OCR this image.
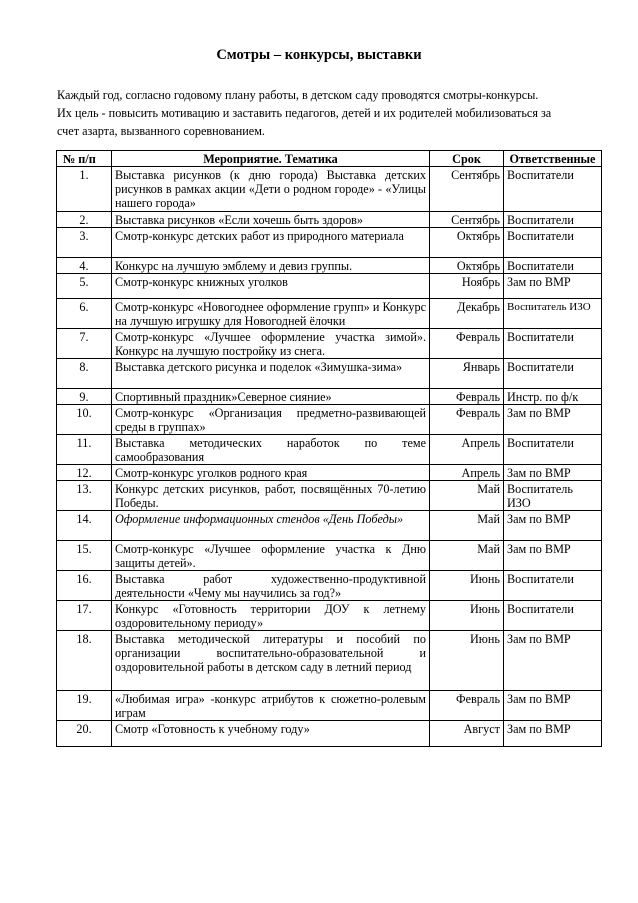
Смотры – конкурсы, выставки
Каждый год, согласно годовому плану работы, в детском саду проводятся смотры-конкурсы.
Их цель - повысить мотивацию и заставить педагогов, детей и их родителей мобилизоваться за
счет азарта, вызванного соревнованием.
№ п/п	Мероприятие. Тематика	Срок	Ответственные
1.	Выставка рисунков (к дню города) Выставка детских рисунков в рамках акции «Дети о родном городе» - «Улицы нашего города»	Сентябрь	Воспитатели
2.	Выставка рисунков «Если хочешь быть здоров»	Сентябрь	Воспитатели
3.	Смотр-конкурс детских работ из природного материала	Октябрь	Воспитатели
4.	Конкурс на лучшую эмблему и девиз группы.	Октябрь	Воспитатели
5.	Смотр-конкурс книжных уголков	Ноябрь	Зам по ВМР
6.	Смотр-конкурс «Новогоднее оформление групп» и Конкурс на лучшую игрушку для Новогодней ёлочки	Декабрь	Воспитатель ИЗО
7.	Смотр-конкурс «Лучшее оформление участка зимой». Конкурс на лучшую постройку из снега.	Февраль	Воспитатели
8.	Выставка детского рисунка и поделок «Зимушка-зима»	Январь	Воспитатели
9.	Спортивный праздник»Северное сияние»	Февраль	Инстр. по ф/к
10.	Смотр-конкурс «Организация предметно-развивающей среды в группах»	Февраль	Зам по ВМР
11.	Выставка методических наработок по теме самообразования	Апрель	Воспитатели
12.	Смотр-конкурс уголков родного края	Апрель	Зам по ВМР
13.	Конкурс детских рисунков, работ, посвящённых 70-летию Победы.	Май	Воспитатель ИЗО
14.	Оформление информационных стендов «День Победы»	Май	Зам по ВМР
15.	Смотр-конкурс «Лучшее оформление участка к Дню защиты детей».	Май	Зам по ВМР
16.	Выставка работ художественно-продуктивной деятельности «Чему мы научились за год?»	Июнь	Воспитатели
17.	Конкурс «Готовность территории ДОУ к летнему оздоровительному периоду»	Июнь	Воспитатели
18.	Выставка методической литературы и пособий по организации воспитательно-образовательной и оздоровительной работы в детском саду в летний период	Июнь	Зам по ВМР
19.	«Любимая игра» -конкурс атрибутов к сюжетно-ролевым играм	Февраль	Зам по ВМР
20.	Смотр «Готовность к учебному году»	Август	Зам по ВМР
